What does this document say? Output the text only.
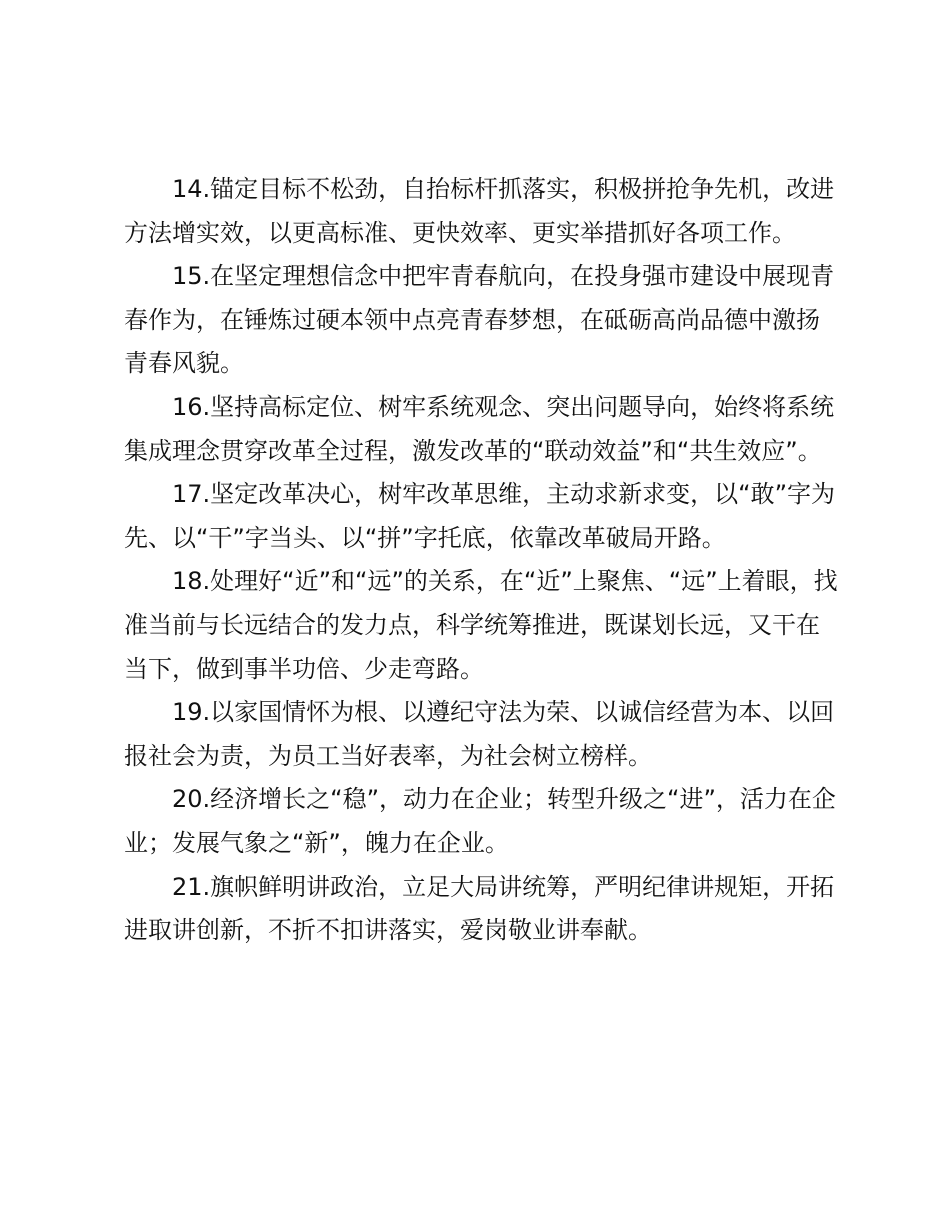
14.锚定目标不松劲，自抬标杆抓落实，积极拼抢争先机，改进方法增实效，以更高标准、更快效率、更实举措抓好各项工作。

15.在坚定理想信念中把牢青春航向，在投身强市建设中展现青春作为，在锤炼过硬本领中点亮青春梦想，在砥砺高尚品德中激扬青春风貌。

16.坚持高标定位、树牢系统观念、突出问题导向，始终将系统集成理念贯穿改革全过程，激发改革的“联动效益”和“共生效应”。

17.坚定改革决心，树牢改革思维，主动求新求变，以“敢”字为先、以“干”字当头、以“拼”字托底，依靠改革破局开路。

18.处理好“近”和“远”的关系，在“近”上聚焦、“远”上着眼，找准当前与长远结合的发力点，科学统筹推进，既谋划长远，又干在当下，做到事半功倍、少走弯路。

19.以家国情怀为根、以遵纪守法为荣、以诚信经营为本、以回报社会为责，为员工当好表率，为社会树立榜样。

20.经济增长之“稳”，动力在企业；转型升级之“进”，活力在企业；发展气象之“新”，魄力在企业。

21.旗帜鲜明讲政治，立足大局讲统筹，严明纪律讲规矩，开拓进取讲创新，不折不扣讲落实，爱岗敬业讲奉献。
